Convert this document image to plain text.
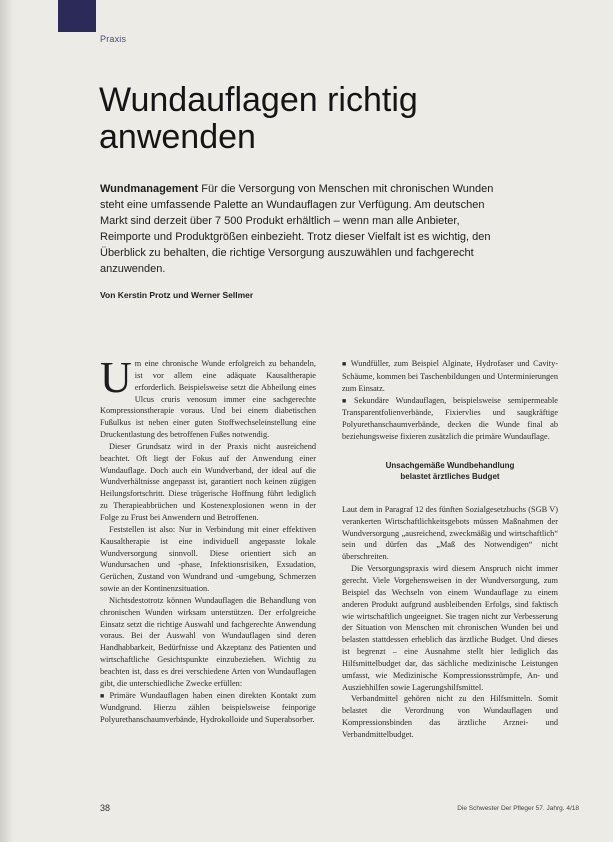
Praxis
Wundauflagen richtig anwenden
Wundmanagement Für die Versorgung von Menschen mit chronischen Wunden steht eine umfassende Palette an Wundauflagen zur Verfügung. Am deutschen Markt sind derzeit über 7 500 Produkt erhältlich – wenn man alle Anbieter, Reimporte und Produktgrößen einbezieht. Trotz dieser Vielfalt ist es wichtig, den Überblick zu behalten, die richtige Versorgung auszuwählen und fachgerecht anzuwenden.
Von Kerstin Protz und Werner Sellmer

Um eine chronische Wunde erfolgreich zu behandeln, ist vor allem eine adäquate Kausaltherapie erforderlich. Beispielsweise setzt die Abheilung eines Ulcus cruris venosum immer eine sachgerechte Kompressionstherapie voraus. Und bei einem diabetischen Fußulkus ist neben einer guten Stoffwechseleinstellung eine Druckentlastung des betroffenen Fußes notwendig.

Dieser Grundsatz wird in der Praxis nicht ausreichend beachtet. Oft liegt der Fokus auf der Anwendung einer Wundauflage. Doch auch ein Wundverband, der ideal auf die Wundverhältnisse angepasst ist, garantiert noch keinen zügigen Heilungsfortschritt. Diese trügerische Hoffnung führt lediglich zu Therapieabbrüchen und Kostenexplosionen wenn in der Folge zu Frust bei Anwendern und Betroffenen.

Feststellen ist also: Nur in Verbindung mit einer effektiven Kausaltherapie ist eine individuell angepasste lokale Wundversorgung sinnvoll. Diese orientiert sich an Wundursachen und -phase, Infektionsrisiken, Exsudation, Gerüchen, Zustand von Wundrand und -umgebung, Schmerzen sowie an der Kontinenzsituation.

Nichtsdestotrotz können Wundauflagen die Behandlung von chronischen Wunden wirksam unterstützen. Der erfolgreiche Einsatz setzt die richtige Auswahl und fachgerechte Anwendung voraus. Bei der Auswahl von Wundauflagen sind deren Handhabbarkeit, Bedürfnisse und Akzeptanz des Patienten und wirtschaftliche Gesichtspunkte einzubeziehen. Wichtig zu beachten ist, dass es drei verschiedene Arten von Wundauflagen gibt, die unterschiedliche Zwecke erfüllen:

■ Primäre Wundauflagen haben einen direkten Kontakt zum Wundgrund. Hierzu zählen beispielsweise feinporige Polyurethanschaumverbände, Hydrokolloide und Superabsorber.

■ Wundfüller, zum Beispiel Alginate, Hydrofaser und Cavity-Schäume, kommen bei Taschenbildungen und Unterminierungen zum Einsatz.

■ Sekundäre Wundauflagen, beispielsweise semipermeable Transparentfolienverbände, Fixiervlies und saugkräftige Polyurethanschaumverbände, decken die Wunde final ab beziehungsweise fixieren zusätzlich die primäre Wundauflage.

Unsachgemäße Wundbehandlung
belastet ärztliches Budget

Laut dem in Paragraf 12 des fünften Sozialgesetzbuchs (SGB V) verankerten Wirtschaftlichkeitsgebots müssen Maßnahmen der Wundversorgung „ausreichend, zweckmäßig und wirtschaftlich“ sein und dürfen das „Maß des Notwendigen“ nicht überschreiten.

Die Versorgungspraxis wird diesem Anspruch nicht immer gerecht. Viele Vorgehensweisen in der Wundversorgung, zum Beispiel das Wechseln von einem Wundauflage zu einem anderen Produkt aufgrund ausbleibenden Erfolgs, sind faktisch wie wirtschaftlich ungeeignet. Sie tragen nicht zur Verbesserung der Situation von Menschen mit chronischen Wunden bei und belasten stattdessen erheblich das ärztliche Budget. Und dieses ist begrenzt – eine Ausnahme stellt hier lediglich das Hilfsmittelbudget dar, das sächliche medizinische Leistungen umfasst, wie Medizinische Kompressionsstrümpfe, An- und Ausziehhilfen sowie Lagerungshilfsmittel.

Verbandmittel gehören nicht zu den Hilfsmitteln. Somit belastet die Verordnung von Wundauflagen und Kompressionsbinden das ärztliche Arznei- und Verbandmittelbudget.

38	Die Schwester Der Pfleger 57. Jahrg. 4/18
